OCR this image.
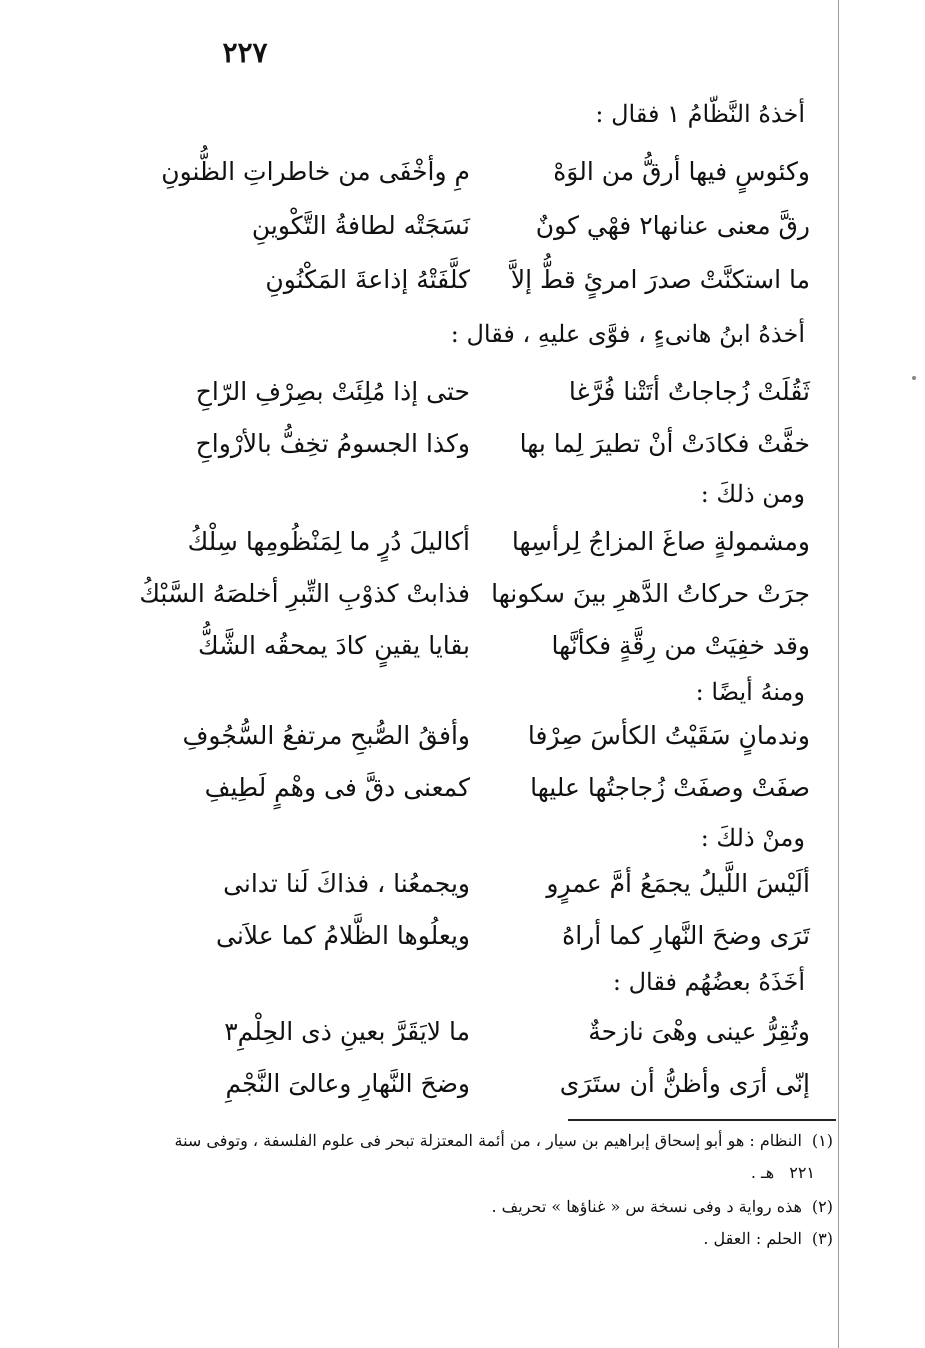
٢٢٧
أخذهُ النَّظّامُ ١ فقال :
وكئوسٍ فيها أرقُّ من الوَهْ
مِ وأخْفَى من خاطراتِ الظُّنونِ
رقَّ معنى عنانها٢ فهْي كونٌ
نَسَجَتْه لطافةُ التَّكْوينِ
ما استكنَّتْ صدرَ امرئٍ قطُّ إلاَّ
كلَّفَتْهُ إذاعةَ المَكْنُونِ
أخذهُ ابنُ هانىءٍ ، فوَّى عليهِ ، فقال :
ثَقُلَتْ زُجاجاتٌ أتَتْنا فُرَّغا
حتى إذا مُلِئَتْ بصِرْفِ الرّاحِ
خفَّتْ فكادَتْ أنْ تطيرَ لِما بها
وكذا الجسومُ تخِفُّ بالأرْواحِ
ومن ذلكَ :
ومشمولةٍ صاغَ المزاجُ لِرأسِها
أكاليلَ دُرٍ ما لِمَنْظُومِها سِلْكُ
جرَتْ حركاتُ الدَّهرِ بينَ سكونها
فذابتْ كذوْبِ التِّبرِ أخلصَهُ السَّبْكُ
وقد خفِيَتْ من رِقَّةٍ فكأنَّها
بقايا يقينٍ كادَ يمحقُه الشَّكُّ
ومنهُ أيضًا :
وندمانٍ سَقَيْتُ الكأسَ صِرْفا
وأفقُ الصُّبحِ مرتفعُ السُّجُوفِ
صفَتْ وصفَتْ زُجاجتُها عليها
كمعنى دقَّ فى وهْمٍ لَطِيفِ
ومنْ ذلكَ :
ألَيْسَ اللَّيلُ يجمَعُ أمَّ عمرٍو
ويجمعُنا ، فذاكَ لَنا تدانى
تَرَى وضحَ النَّهارِ كما أراهُ
ويعلُوها الظَّلامُ كما علاَنى
أخَذَهُ بعضُهُم فقال :
وتُقِرُّ عينى وهْىَ نازحةٌ
ما لايَقَرَّ بعينِ ذى الحِلْمِ٣
إنّى أرَى وأظنُّ أن ستَرَى
وضحَ النَّهارِ وعالىَ النَّجْمِ
(١)النظام : هو أبو إسحاق إبراهيم بن سيار ، من أئمة المعتزلة تبحر فى علوم الفلسفة ، وتوفى سنة
٢٢١ هـ .
(٢)هذه رواية د وفى نسخة س « غناؤها » تحريف .
(٣)الحلم : العقل .
